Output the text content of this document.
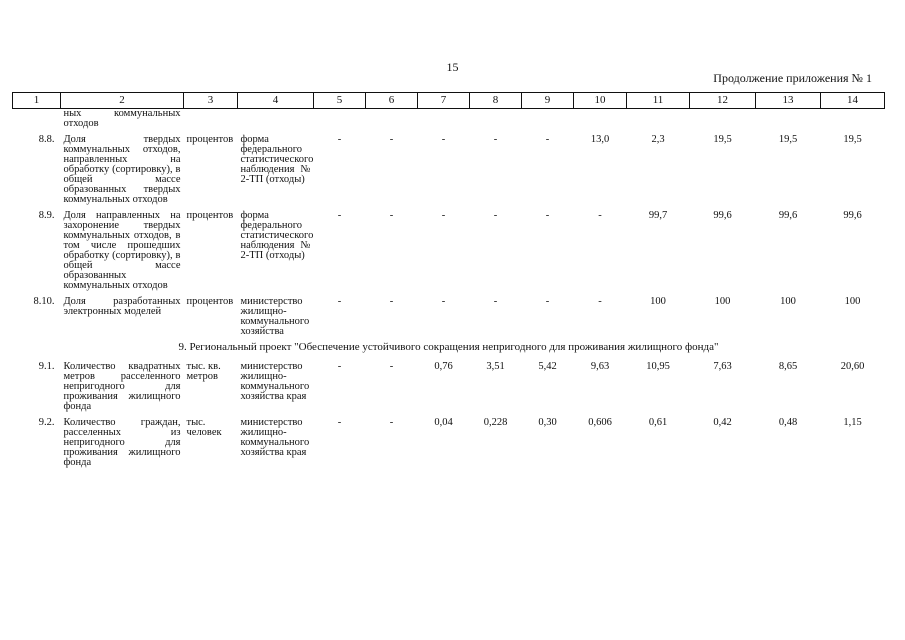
15
Продолжение приложения № 1
1	2	3	4	5	6	7	8	9	10	11	12	13	14
	ных коммунальных отходов												
8.8.	Доля твердых коммунальных отходов, направленных на обработку (сортировку), в общей массе образованных твердых коммунальных отходов	процентов	форма федерального статистического наблюдения № 2-ТП (отходы)	-	-	-	-	-	13,0	2,3	19,5	19,5	19,5
8.9.	Доля направленных на захоронение твердых коммунальных отходов, в том числе прошедших обработку (сортировку), в общей массе образованных коммунальных отходов	процентов	форма федерального статистического наблюдения № 2-ТП (отходы)	-	-	-	-	-	-	99,7	99,6	99,6	99,6
8.10.	Доля разработанных электронных моделей	процентов	министерство жилищно-коммунального хозяйства	-	-	-	-	-	-	100	100	100	100
9. Региональный проект "Обеспечение устойчивого сокращения непригодного для проживания жилищного фонда"													
9.1.	Количество квадратных метров расселенного непригодного для проживания жилищного фонда	тыс. кв. метров	министерство жилищно-коммунального хозяйства края	-	-	0,76	3,51	5,42	9,63	10,95	7,63	8,65	20,60
9.2.	Количество граждан, расселенных из непригодного для проживания жилищного фонда	тыс. человек	министерство жилищно-коммунального хозяйства края	-	-	0,04	0,228	0,30	0,606	0,61	0,42	0,48	1,15
